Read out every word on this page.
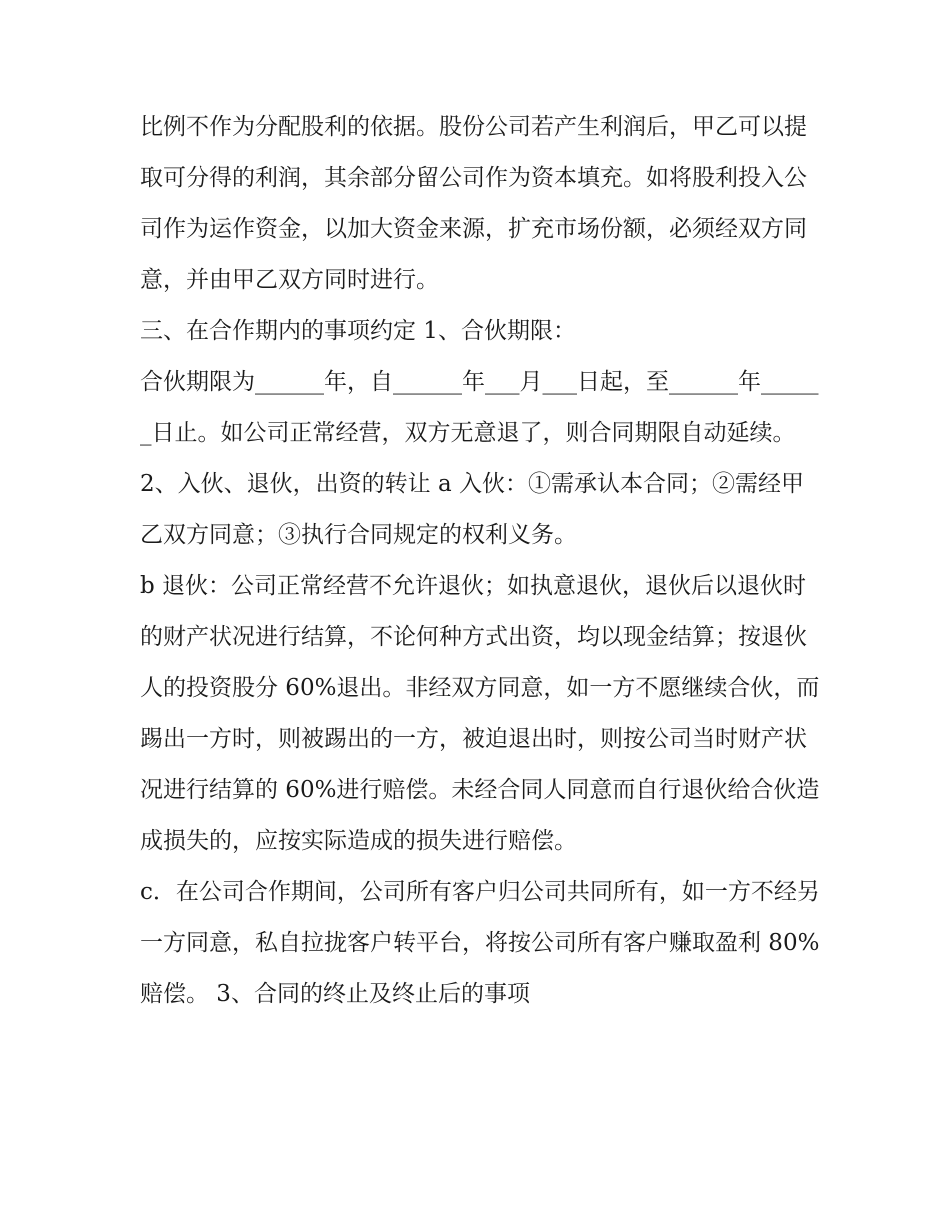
比例不作为分配股利的依据。股份公司若产生利润后，甲乙可以提取可分得的利润，其余部分留公司作为资本填充。如将股利投入公司作为运作资金，以加大资金来源，扩充市场份额，必须经双方同意，并由甲乙双方同时进行。

三、在合作期内的事项约定 1、合伙期限：

合伙期限为______年，自______年___月___日起，至______年______日止。如公司正常经营，双方无意退了，则合同期限自动延续。

2、入伙、退伙，出资的转让 a 入伙：①需承认本合同；②需经甲乙双方同意；③执行合同规定的权利义务。

b 退伙：公司正常经营不允许退伙；如执意退伙，退伙后以退伙时的财产状况进行结算，不论何种方式出资，均以现金结算；按退伙人的投资股分 60%退出。非经双方同意，如一方不愿继续合伙，而踢出一方时，则被踢出的一方，被迫退出时，则按公司当时财产状况进行结算的 60%进行赔偿。未经合同人同意而自行退伙给合伙造成损失的，应按实际造成的损失进行赔偿。

c．在公司合作期间，公司所有客户归公司共同所有，如一方不经另一方同意，私自拉拢客户转平台，将按公司所有客户赚取盈利 80%赔偿。 3、合同的终止及终止后的事项
